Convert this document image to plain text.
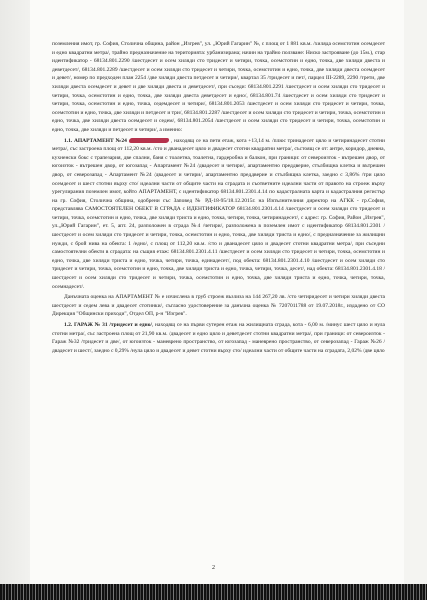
поземления имот, гр. София, Столична община, район „Изгрев", ул. „Юрий Гагарин" №, с площ от 1 881 кв.м. /хиляда осемстотин осемдесет и едно квадратни метра/, трайно предназначение на територията: урбанизирана; начин на трайно ползване: Ниско застрояване (до 15м.), стар идентификатор - 68134.801.2290 /шестдесет и осем хиляди сто тридесет и четири, точка, осемстотин и едно, точка, две хиляди двеста и деветдесет/, 68134.801.2289 /шестдесет и осем хиляди сто тридесет и четири, точка, осемстотин и едно, точка, две хиляди двеста осемдесет и девет/, номер по предходен план 2254 /две хиляди двеста петдесет и четири/, квартал 35 /тридесет и пет/, парцел III-2289, 2290 /трети, две хиляди двеста осемдесет и девет и две хиляди двеста и деветдесет/, при съседи: 68134.801.2291 /шестдесет и осем хиляди сто тридесет и четири, точка, осемстотин и едно, точка, две хиляди двеста деветдесет и едно/, 68134.801.74 /шестдесет и осем хиляди сто тридесет и четири, точка, осемстотин и едно, точка, седемдесет и четири/, 68134.801.2053 /шестдесет и осем хиляди сто тридесет и четири, точка, осемстотин и едно, точка, две хиляди и петдесет и три/, 68134.801.2287 /шестдесет и осем хиляди сто тридесет и четири, точка, осемстотин и едно, точка, две хиляди двеста осемдесет и седем/, 68134.801.2054 /шестдесет и осем хиляди сто тридесет и четири, точка, осемстотин и едно, точка, две хиляди и петдесет и четири/, а именно:

1.1. АПАРТАМЕНТ №24	, находящ се на пети етаж, кота +13,14 м. /плюс тринадесет цяло и четиринадесет стотни метра/, със застроена площ от 112,20 кв.м. /сто и дванадесет цяло и двадесет стотни квадратни метра/, състоящ се от: антре, коридор, дневна, кухненски бокс с трапезария, две спални, баня с тоалетна, тоалетна, гардеробна и балкон, при граници: от североизток - вътрешен двор, от югоизток - вътрешен двор, от югозапад - Апартамент №24 /двадесет и четири/, апартаментно преддверие, стълбищна клетка и вътрешен двор, от северозапад - Апартамент №24 /двадесет и четири/, апартаментно преддверие и стълбищна клетка, заедно с 3,86% /три цяло осемдесет и шест стотни върху сто/ идеални части от общите части на сградата и съответните идеални части от правото на строеж върху урегулирания поземлен имот, който АПАРТАМЕНТ, с идентификатор 68134.801.2301.4.14 по кадастралната карта и кадастралния регистър на гр. София, Столична община, одобрени със Заповед № РД-18-95/18.12.2015г. на Изпълнителния директор на АГКК - гр.София, представлява САМОСТОЯТЕЛЕН ОБЕКТ В СГРАДА с ИДЕНТИФИКАТОР 68134.801.2301.4.14 /шестдесет и осем хиляди сто тридесет и четири, точка, осемстотин и едно, точка, две хиляди триста и едно, точка, четири, точка, четиринадесет/, с адрес: гр. София, Район „Изгрев", ул.„Юрий Гагарин", ет. 5, апт. 24, разположен в сграда №4 /четири/, разположена в поземлен имот с идентификатор 68134.801.2301 /шестдесет и осем хиляди сто тридесет и четири, точка, осемстотин и едно, точка, две хиляди триста и едно/, с предназначение за жилищни нужди, с брой нива на обекта: 1 /едно/, с площ от 112,20 кв.м. /сто и дванадесет цяло и двадесет стотни квадратни метра/, при съседни самостоятелни обекти в сградата: на същия етаж: 68134.801.2301.4.11 /шестдесет и осем хиляди сто тридесет и четири, точка, осемстотин и едно, точка, две хиляди триста и едно, точка, четири, точка, единадесет/, под обекта: 68134.801.2301.4.10 /шестдесет и осем хиляди сто тридесет и четири, точка, осемстотин и едно, точка, две хиляди триста и едно, точка, четири, точка, десет/, над обекта: 68134.801.2301.4.18 /шестдесет и осем хиляди сто тридесет и четири, точка, осемстотин и едно, точка, две хиляди триста и едно, точка, четири, точка, осемнадесет/.

Данъчната оценка на АПАРТАМЕНТ № е изчислена в груб строеж възлиза на 144 267,20 лв. /сто четиридесет и четири хиляди двеста шестдесет и седем лева и двадесет стотинки/, съгласно удостоверение за данъчна оценка № 7207011788 от 19.07.2018г., издадено от СО Дирекция "Общински приходи", Отдел ОП, р-н "Изгрев".

1.2. ГАРАЖ № 31 /тридесет и едно/, находящ се на първи сутерен етаж на жилищната сграда, кота - 6,00 м. /минус шест цяло и нула стотни метра/, със застроена площ от 21,90 кв.м. /двадесет и едно цяло и деветдесет стотни квадратни метра/, при граници: от североизток - Гараж №32 /тридесет и две/, от югоизток - маневрено пространство, от югозапад - маневрено пространство, от северозапад - Гараж №26 /двадесет и шест/, заедно с 0,29% /нула цяло и двадесет и девет стотни върху сто/ идеални части от общите части на сградата, 2,02% /две цяло

2
